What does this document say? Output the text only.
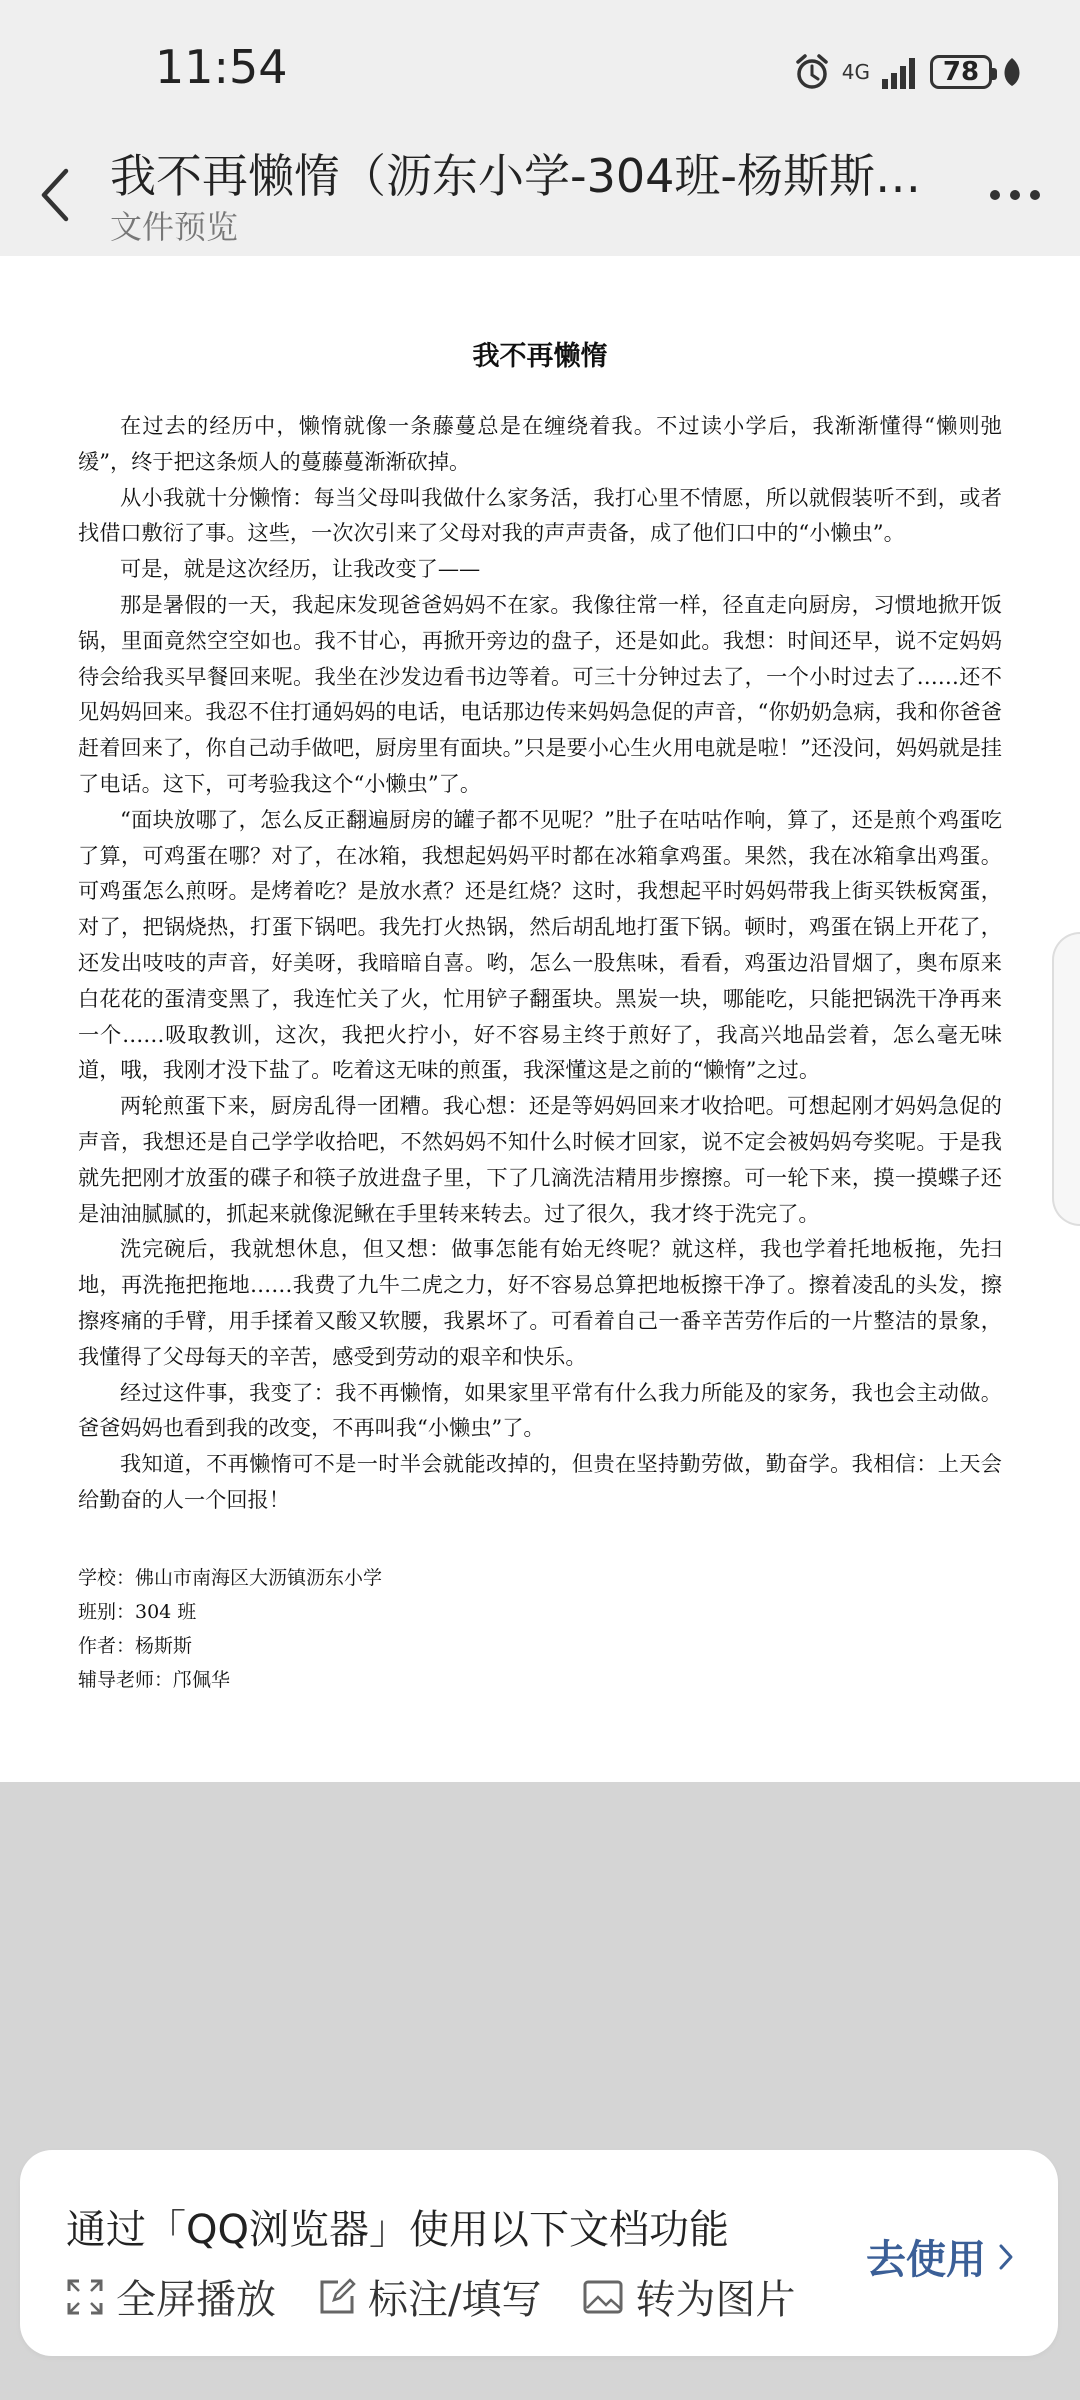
11:54	4G	78
我不再懒惰（沥东小学-304班-杨斯斯…
文件预览
我不再懒惰

在过去的经历中，懒惰就像一条藤蔓总是在缠绕着我。不过读小学后，我渐渐懂得“懒则弛缓”，终于把这条烦人的蔓藤蔓渐渐砍掉。

从小我就十分懒惰：每当父母叫我做什么家务活，我打心里不情愿，所以就假装听不到，或者找借口敷衍了事。这些，一次次引来了父母对我的声声责备，成了他们口中的“小懒虫”。

可是，就是这次经历，让我改变了——

那是暑假的一天，我起床发现爸爸妈妈不在家。我像往常一样，径直走向厨房，习惯地掀开饭锅，里面竟然空空如也。我不甘心，再掀开旁边的盘子，还是如此。我想：时间还早，说不定妈妈待会给我买早餐回来呢。我坐在沙发边看书边等着。可三十分钟过去了，一个小时过去了……还不见妈妈回来。我忍不住打通妈妈的电话，电话那边传来妈妈急促的声音，“你奶奶急病，我和你爸爸赶着回来了，你自己动手做吧，厨房里有面块。”只是要小心生火用电就是啦！”还没问，妈妈就是挂了电话。这下，可考验我这个“小懒虫”了。

“面块放哪了，怎么反正翻遍厨房的罐子都不见呢？”肚子在咕咕作响，算了，还是煎个鸡蛋吃了算，可鸡蛋在哪？对了，在冰箱，我想起妈妈平时都在冰箱拿鸡蛋。果然，我在冰箱拿出鸡蛋。可鸡蛋怎么煎呀。是烤着吃？是放水煮？还是红烧？这时，我想起平时妈妈带我上街买铁板窝蛋，对了，把锅烧热，打蛋下锅吧。我先打火热锅，然后胡乱地打蛋下锅。顿时，鸡蛋在锅上开花了，还发出吱吱的声音，好美呀，我暗暗自喜。哟，怎么一股焦味，看看，鸡蛋边沿冒烟了，奥布原来白花花的蛋清变黑了，我连忙关了火，忙用铲子翻蛋块。黑炭一块，哪能吃，只能把锅洗干净再来一个……吸取教训，这次，我把火拧小，好不容易主终于煎好了，我高兴地品尝着，怎么毫无味道，哦，我刚才没下盐了。吃着这无味的煎蛋，我深懂这是之前的“懒惰”之过。

两轮煎蛋下来，厨房乱得一团糟。我心想：还是等妈妈回来才收拾吧。可想起刚才妈妈急促的声音，我想还是自己学学收拾吧，不然妈妈不知什么时候才回家，说不定会被妈妈夸奖呢。于是我就先把刚才放蛋的碟子和筷子放进盘子里，下了几滴洗洁精用步擦擦。可一轮下来，摸一摸蝶子还是油油腻腻的，抓起来就像泥鳅在手里转来转去。过了很久，我才终于洗完了。

洗完碗后，我就想休息，但又想：做事怎能有始无终呢？就这样，我也学着托地板拖，先扫地，再洗拖把拖地……我费了九牛二虎之力，好不容易总算把地板擦干净了。擦着凌乱的头发，擦擦疼痛的手臂，用手揉着又酸又软腰，我累坏了。可看着自己一番辛苦劳作后的一片整洁的景象，我懂得了父母每天的辛苦，感受到劳动的艰辛和快乐。

经过这件事，我变了：我不再懒惰，如果家里平常有什么我力所能及的家务，我也会主动做。爸爸妈妈也看到我的改变，不再叫我“小懒虫”了。

我知道，不再懒惰可不是一时半会就能改掉的，但贵在坚持勤劳做，勤奋学。我相信：上天会给勤奋的人一个回报！

学校：佛山市南海区大沥镇沥东小学
班别：304 班
作者：杨斯斯
辅导老师：邝佩华
通过「QQ浏览器」使用以下文档功能
全屏播放 标注/填写 转为图片
去使用
